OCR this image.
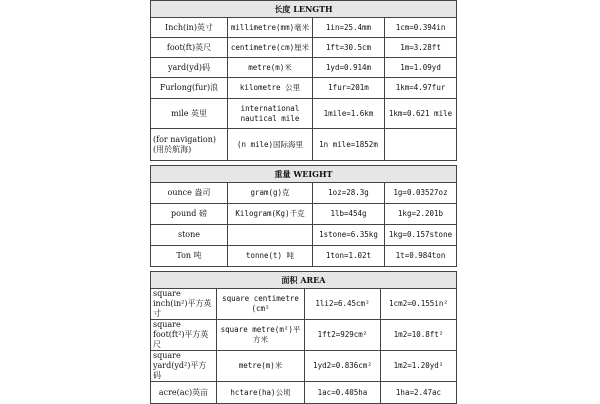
长度 LENGTH			
Inch(in)英寸	millimetre(mm)毫米	1in=25.4mm	1cm=0.394in
foot(ft)英尺	centimetre(cm)厘米	1ft=30.5cm	1m=3.28ft
yard(yd)码	metre(m)米	1yd=0.914m	1m=1.09yd
Furlong(fur)浪	kilometre 公里	1fur=201m	1km=4.97fur
mile 英里	international nautical mile	1mile=1.6km	1km=0.621 mile
(for navigation)(用於航海)	(n mile)国际海里	1n mile=1852m	
重量 WEIGHT			
ounce 盎司	gram(g)克	1oz=28.3g	1g=0.03527oz
pound 磅	Kilogram(Kg)千克	1lb=454g	1kg=2.201b
stone		1stone=6.35kg	1kg=0.157stone
Ton 吨	tonne(t) 吨	1ton=1.02t	1t=0.984ton
面积 AREA			
square inch(in²)平方英寸	square centimetre (cm²	1li2=6.45cm²	1cm2=0.155in²
square foot(ft²)平方英尺	square metre(m²)平方米	1ft2=929cm²	1m2=10.8ft²
square yard(yd²)平方码	metre(m)米	1yd2=0.836cm²	1m2=1.20yd²
acre(ac)英亩	hctare(ha)公顷	1ac=0.405ha	1ha=2.47ac
